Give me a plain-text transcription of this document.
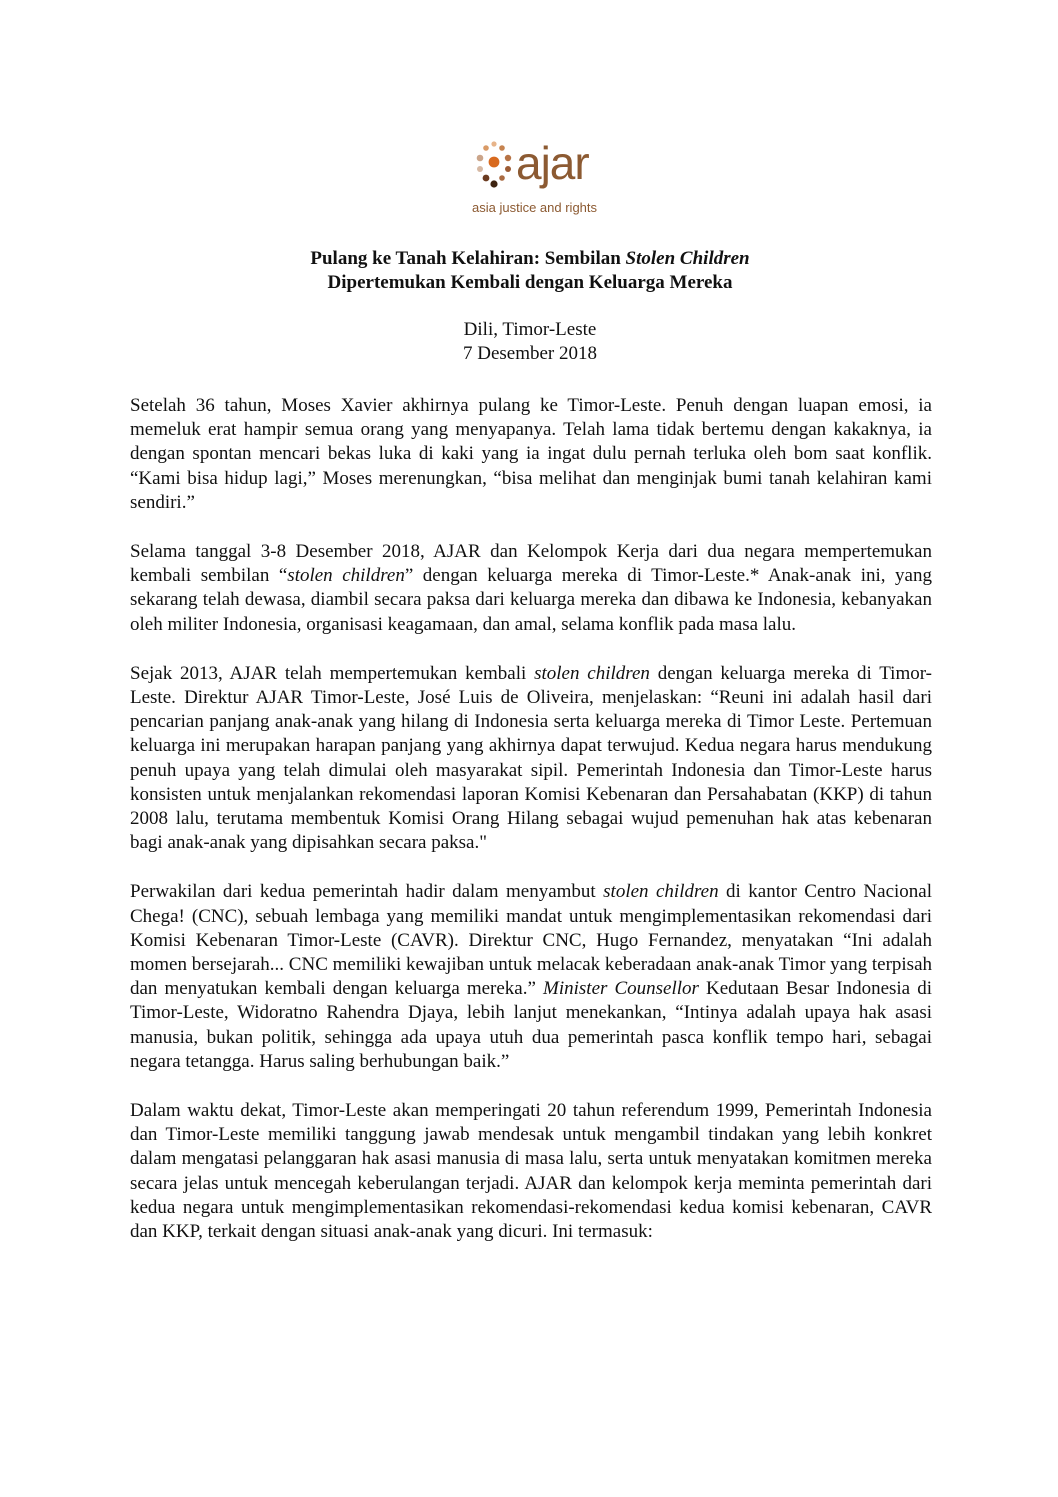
ajar
asia justice and rights
Pulang ke Tanah Kelahiran: Sembilan Stolen Children
Dipertemukan Kembali dengan Keluarga Mereka
Dili, Timor-Leste
7 Desember 2018

Setelah 36 tahun, Moses Xavier akhirnya pulang ke Timor-Leste. Penuh dengan luapan emosi, ia memeluk erat hampir semua orang yang menyapanya. Telah lama tidak bertemu dengan kakaknya, ia dengan spontan mencari bekas luka di kaki yang ia ingat dulu pernah terluka oleh bom saat konflik. “Kami bisa hidup lagi,” Moses merenungkan, “bisa melihat dan menginjak bumi tanah kelahiran kami sendiri.”

Selama tanggal 3-8 Desember 2018, AJAR dan Kelompok Kerja dari dua negara mempertemukan kembali sembilan “stolen children” dengan keluarga mereka di Timor-Leste.* Anak-anak ini, yang sekarang telah dewasa, diambil secara paksa dari keluarga mereka dan dibawa ke Indonesia, kebanyakan oleh militer Indonesia, organisasi keagamaan, dan amal, selama konflik pada masa lalu.

Sejak 2013, AJAR telah mempertemukan kembali stolen children dengan keluarga mereka di Timor-Leste. Direktur AJAR Timor-Leste, José Luis de Oliveira, menjelaskan: “Reuni ini adalah hasil dari pencarian panjang anak-anak yang hilang di Indonesia serta keluarga mereka di Timor Leste. Pertemuan keluarga ini merupakan harapan panjang yang akhirnya dapat terwujud. Kedua negara harus mendukung penuh upaya yang telah dimulai oleh masyarakat sipil. Pemerintah Indonesia dan Timor-Leste harus konsisten untuk menjalankan rekomendasi laporan Komisi Kebenaran dan Persahabatan (KKP) di tahun 2008 lalu, terutama membentuk Komisi Orang Hilang sebagai wujud pemenuhan hak atas kebenaran bagi anak-anak yang dipisahkan secara paksa."

Perwakilan dari kedua pemerintah hadir dalam menyambut stolen children di kantor Centro Nacional Chega! (CNC), sebuah lembaga yang memiliki mandat untuk mengimplementasikan rekomendasi dari Komisi Kebenaran Timor-Leste (CAVR). Direktur CNC, Hugo Fernandez, menyatakan “Ini adalah momen bersejarah... CNC memiliki kewajiban untuk melacak keberadaan anak-anak Timor yang terpisah dan menyatukan kembali dengan keluarga mereka.” Minister Counsellor Kedutaan Besar Indonesia di Timor-Leste, Widoratno Rahendra Djaya, lebih lanjut menekankan, “Intinya adalah upaya hak asasi manusia, bukan politik, sehingga ada upaya utuh dua pemerintah pasca konflik tempo hari, sebagai negara tetangga. Harus saling berhubungan baik.”

Dalam waktu dekat, Timor-Leste akan memperingati 20 tahun referendum 1999, Pemerintah Indonesia dan Timor-Leste memiliki tanggung jawab mendesak untuk mengambil tindakan yang lebih konkret dalam mengatasi pelanggaran hak asasi manusia di masa lalu, serta untuk menyatakan komitmen mereka secara jelas untuk mencegah keberulangan terjadi. AJAR dan kelompok kerja meminta pemerintah dari kedua negara untuk mengimplementasikan rekomendasi-rekomendasi kedua komisi kebenaran, CAVR dan KKP, terkait dengan situasi anak-anak yang dicuri. Ini termasuk:
